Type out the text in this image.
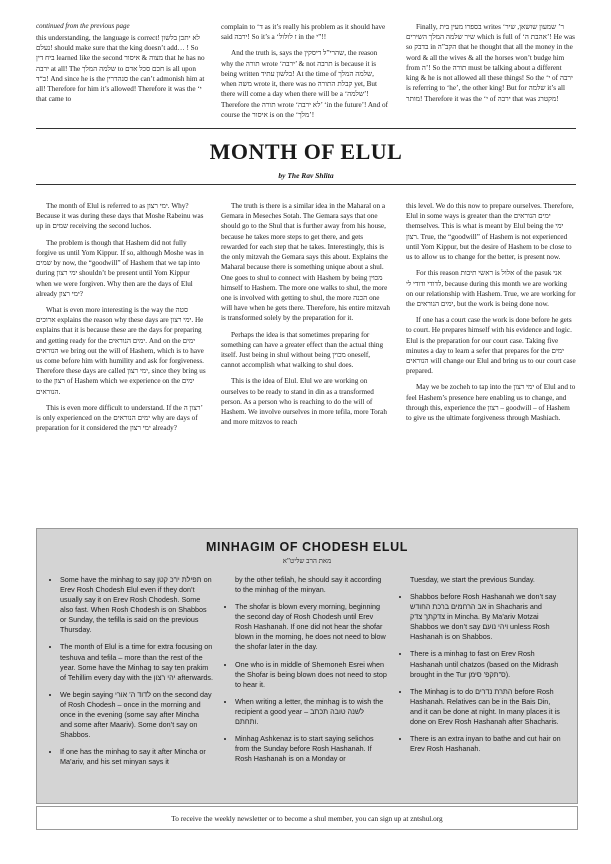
continued from the previous page

this understanding, the language is correct! לא יתכן בלשון נעלם! should make sure that the king doesn’t add… ! So ביח דין learned like the second מצוה & איסור that he has no ירבה at all! The שלמה המלך to חכם סכל אדם is all upon ב“ד! And since he is the סנהדרין the can’t admonish him at all! Therefore for him it’s allowed! Therefore it was the ‘י that came to

complain to ‘ד as it’s really his problem as it should have said ירבה! So it’s a ‘ז לולול in the י”!!

And the truth is, says the שהרי”ל דיסקין, the reason why the תורה wrote ‘ירבה’ & not תרבה is because it is being written בלשון עתיד! At the time of שלמה המלך, when משה wrote it, there was no קבלת התורה yet, But there will come a day when there will be a ‘שלמה’! Therefore the תורה wrote ‘לא ירבה’ ‘in the future’! And of course the איסור is on the ‘מלך’!

Finally, בספרו מעין בית writes ‘ר’ שמעון שושאן, שיר שיר שלמה המלך השירים which is full of ‘אהבת ה’! He was so בדבק in הקב”ה that he thought that all the money in the word & all the wives & all the horses won’t budge him from ה’! So the תורה must be talking about a different king & he is not allowed all these things! So the ‘י of ירבה is referring to ‘he’, the other king! But for שלמה it’s all מותר! Therefore it was the ‘י of ירבה that was מקטרג!

MONTH OF ELUL
by The Rav Shlita

The month of Elul is referred to as ימי רצון. Why? Because it was during these days that Moshe Rabeinu was up in שמים receiving the second luchos.

The problem is though that Hashem did not fully forgive us until Yom Kippur. If so, although Moshe was in שמים by now, the “goodwill” of Hashem that we tap into during ימי רצון shouldn’t be present until Yom Kippur when we were forgiven. Why then are the days of Elul already ימי רצון?

What is even more interesting is the way the סטה ארוכים explains the reason why these days are ימי רצון. He explains that it is because these are the days for preparing and getting ready for the ימים הנוראים. And on the ימים הנוראים we bring out the will of Hashem, which is to have us come before him with humility and ask for forgiveness. Therefore these days are called ימי רצון, since they bring us to the רצון of Hashem which we experience on the ימים הנוראים.

This is even more difficult to understand. If the רצון ה’ is only experienced on the ימים הנוראים why are days of preparation for it considered the ימי רצון already?

The truth is there is a similar idea in the Maharal on a Gemara in Meseches Sotah. The Gemara says that one should go to the Shul that is further away from his house, because he takes more steps to get there, and gets rewarded for each step that he takes. Interestingly, this is the only mitzvah the Gemara says this about. Explains the Maharal because there is something unique about a shul. One goes to shul to connect with Hashem by being מכוין himself to Hashem. The more one walks to shul, the more one is involved with getting to shul, the more הכנה one will have when he gets there. Therefore, his entire mitzvah is transformed solely by the preparation for it.

Perhaps the idea is that sometimes preparing for something can have a greater effect than the actual thing itself. Just being in shul without being מכוין oneself, cannot accomplish what walking to shul does.

This is the idea of Elul. Elul we are working on ourselves to be ready to stand in din as a transformed person. As a person who is reaching to do the will of Hashem. We involve ourselves in more tefila, more Torah and more mitzvos to reach

this level. We do this now to prepare ourselves. Therefore, Elul in some ways is greater than the ימים הנוראים themselves. This is what is meant by Elul being the ימי רצון. True, the “goodwill” of Hashem is not experienced until Yom Kippur, but the desire of Hashem to be close to us to allow us to change for the better, is present now.

For this reason ראשי תיבות is אלול of the pasuk אני לדודי ודודי לי, because during this month we are working on our relationship with Hashem. True, we are working for the ימים הנוראים, but the work is being done now.

If one has a court case the work is done before he gets to court. He prepares himself with his evidence and logic. Elul is the preparation for our court case. Taking five minutes a day to learn a sefer that prepares for the ימים הנוראים will change our Elul and bring us to our court case prepared.

May we be zocheh to tap into the ימי רצון of Elul and to feel Hashem’s presence here enabling us to change, and through this, experience the רצון – goodwill – of Hashem to give us the ultimate forgiveness through Mashiach.

MINHAGIM OF CHODESH ELUL
מאת הרב שליט”א
• Some have the minhag to say תפילת יו”כ קטן on Erev Rosh Chodesh Elul even if they don’t usually say it on Erev Rosh Chodesh. Some also fast. When Rosh Chodesh is on Shabbos or Sunday, the tefilla is said on the previous Thursday.
• The month of Elul is a time for extra focusing on teshuva and tefila – more than the rest of the year. Some have the Minhag to say ten prakim of Tehillim every day with the יהי רצון afterwards.
• We begin saying לדוד ה’ אורי on the second day of Rosh Chodesh – once in the morning and once in the evening (some say after Mincha and some after Maariv). Some don’t say on Shabbos.
• If one has the minhag to say it after Mincha or Ma’ariv, and his set minyan says it

by the other tefilah, he should say it according to the minhag of the minyan.

• The shofar is blown every morning, beginning the second day of Rosh Chodesh until Erev Rosh Hashanah. If one did not hear the shofar blown in the morning, he does not need to blow the shofar later in the day.
• One who is in middle of Shemoneh Esrei when the Shofar is being blown does not need to stop to hear it.
• When writing a letter, the minhag is to wish the recipient a good year – לשנה טובה תכתב ותחתם.
• Minhag Ashkenaz is to start saying selichos from the Sunday before Rosh Hashanah. If Rosh Hashanah is on a Monday or

Tuesday, we start the previous Sunday.

• Shabbos before Rosh Hashanah we don’t say אב הרחמים ברכת החודש in Shacharis and צדקתך צדק in Mincha. By Ma’ariv Motzai Shabbos we don’t say ויהי נועם unless Rosh Hashanah is on Shabbos.
• There is a minhag to fast on Erev Rosh Hashanah until chatzos (based on the Midrash brought in the Tur ס”תקפ’ סימן).
• The Minhag is to do התרת נדרים before Rosh Hashanah. Relatives can be in the Bais Din, and it can be done at night. In many places it is done on Erev Rosh Hashanah after Shacharis.
• There is an extra inyan to bathe and cut hair on Erev Rosh Hashanah.
To receive the weekly newsletter or to become a shul member, you can sign up at zntshul.org
